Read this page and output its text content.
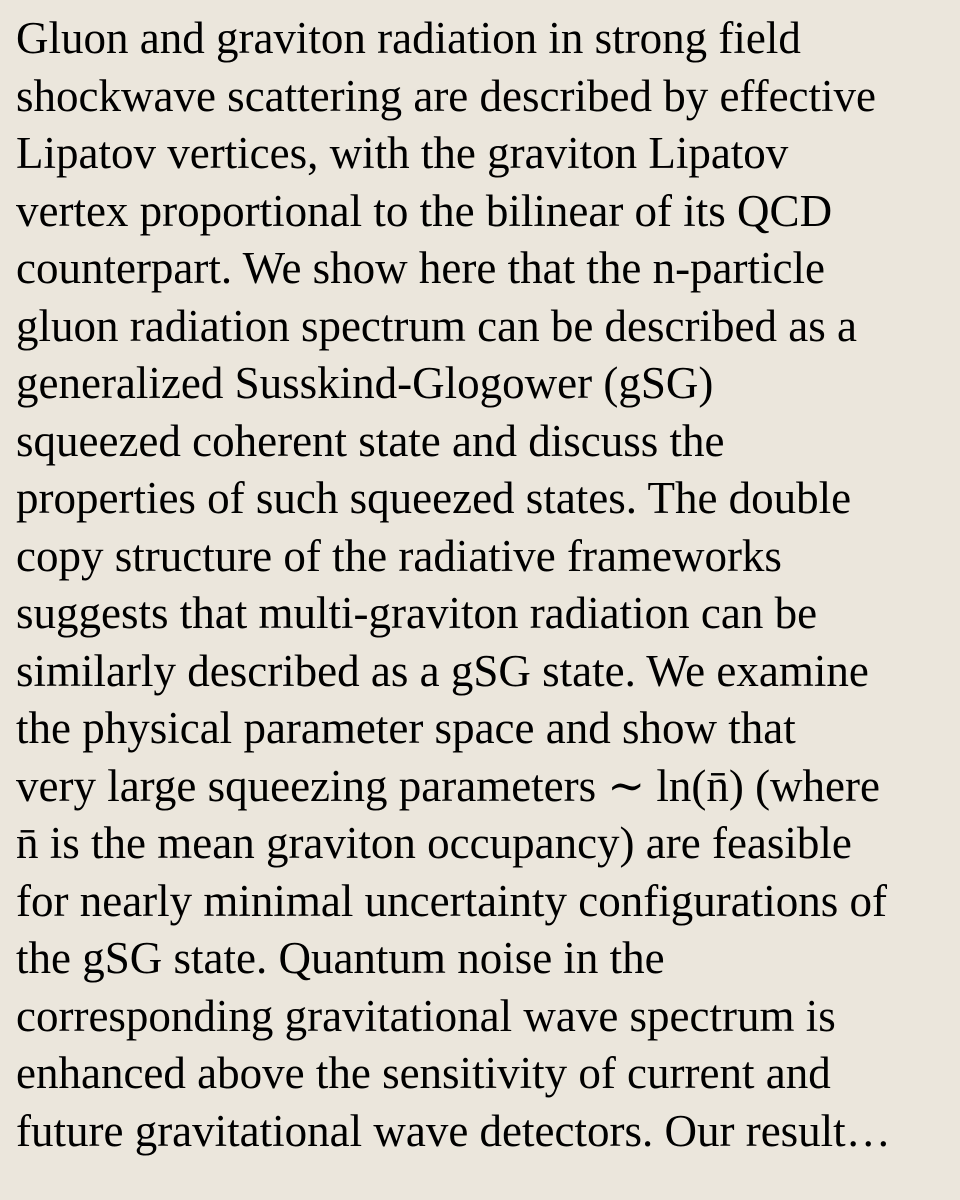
Gluon and graviton radiation in strong field
shockwave scattering are described by effective
Lipatov vertices, with the graviton Lipatov
vertex proportional to the bilinear of its QCD
counterpart. We show here that the n-particle
gluon radiation spectrum can be described as a
generalized Susskind-Glogower (gSG)
squeezed coherent state and discuss the
properties of such squeezed states. The double
copy structure of the radiative frameworks
suggests that multi-graviton radiation can be
similarly described as a gSG state. We examine
the physical parameter space and show that
very large squeezing parameters ∼ ln(n̄) (where
n̄ is the mean graviton occupancy) are feasible
for nearly minimal uncertainty configurations of
the gSG state. Quantum noise in the
corresponding gravitational wave spectrum is
enhanced above the sensitivity of current and
future gravitational wave detectors. Our result…
